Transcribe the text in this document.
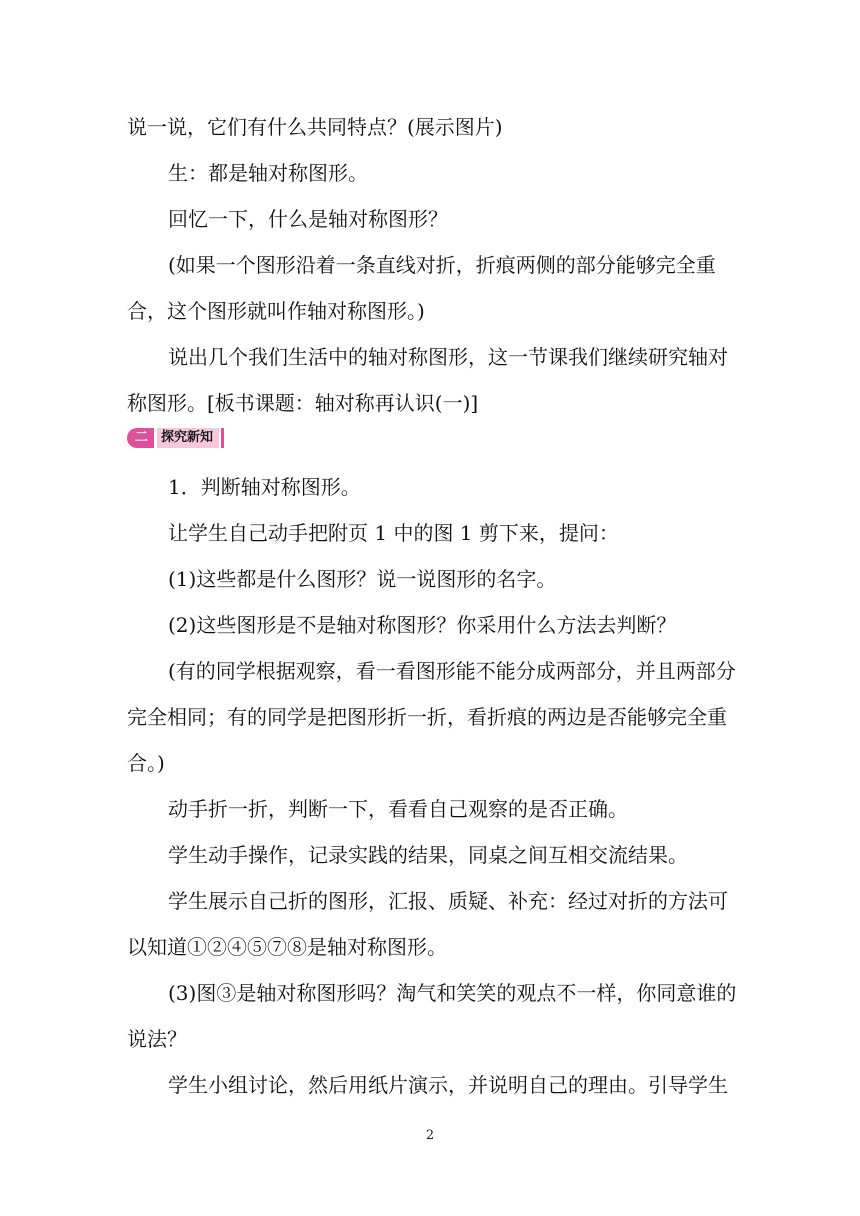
说一说，它们有什么共同特点？(展示图片)
生：都是轴对称图形。
回忆一下，什么是轴对称图形？
(如果一个图形沿着一条直线对折，折痕两侧的部分能够完全重
合，这个图形就叫作轴对称图形。)
说出几个我们生活中的轴对称图形，这一节课我们继续研究轴对
称图形。[板书课题：轴对称再认识(一)]
二	探究新知
1．判断轴对称图形。
让学生自己动手把附页 1 中的图 1 剪下来，提问：
(1)这些都是什么图形？说一说图形的名字。
(2)这些图形是不是轴对称图形？你采用什么方法去判断？
(有的同学根据观察，看一看图形能不能分成两部分，并且两部分
完全相同；有的同学是把图形折一折，看折痕的两边是否能够完全重
合。)
动手折一折，判断一下，看看自己观察的是否正确。
学生动手操作，记录实践的结果，同桌之间互相交流结果。
学生展示自己折的图形，汇报、质疑、补充：经过对折的方法可
以知道①②④⑤⑦⑧是轴对称图形。
(3)图③是轴对称图形吗？淘气和笑笑的观点不一样，你同意谁的
说法？
学生小组讨论，然后用纸片演示，并说明自己的理由。引导学生
2
